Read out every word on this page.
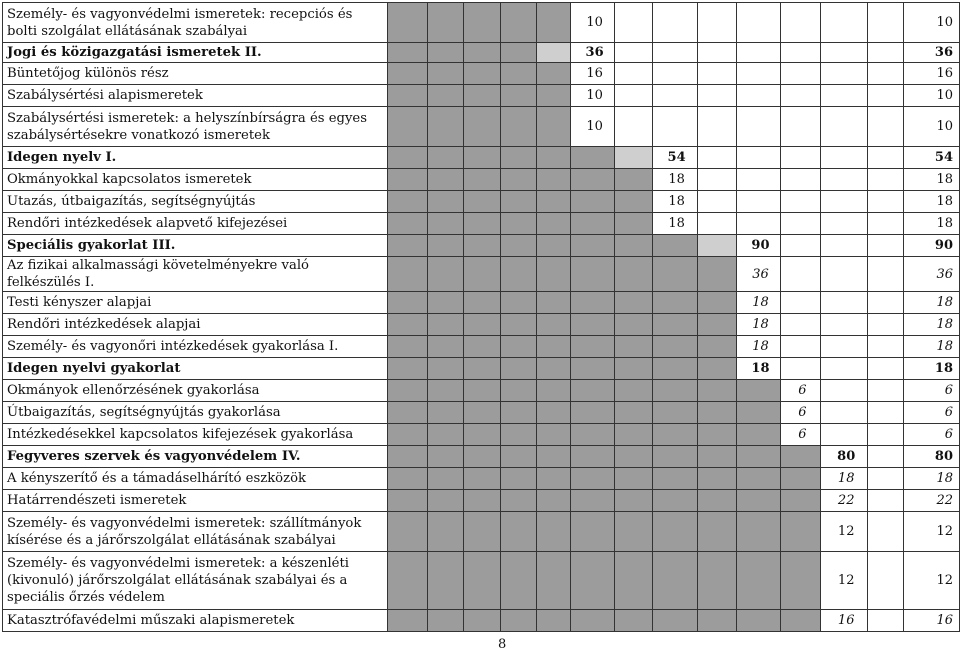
Személy- és vagyonvédelmi ismeretek: recepciós és bolti szolgálat ellátásának szabályai						10								10
Jogi és közigazgatási ismeretek II.						36								36
Büntetőjog különös rész						16								16
Szabálysértési alapismeretek						10								10
Szabálysértési ismeretek: a helyszínbírságra és egyes szabálysértésekre vonatkozó ismeretek						10								10
Idegen nyelv I.								54						54
Okmányokkal kapcsolatos ismeretek								18						18
Utazás, útbaigazítás, segítségnyújtás								18						18
Rendőri intézkedések alapvető kifejezései								18						18
Speciális gyakorlat III.										90				90
Az fizikai alkalmassági követelményekre való felkészülés I.										36				36
Testi kényszer alapjai										18				18
Rendőri intézkedések alapjai										18				18
Személy- és vagyonőri intézkedések gyakorlása I.										18				18
Idegen nyelvi gyakorlat										18				18
Okmányok ellenőrzésének gyakorlása											6			6
Útbaigazítás, segítségnyújtás gyakorlása											6			6
Intézkedésekkel kapcsolatos kifejezések gyakorlása											6			6
Fegyveres szervek és vagyonvédelem IV.												80		80
A kényszerítő és a támadáselhárító eszközök												18		18
Határrendészeti ismeretek												22		22
Személy- és vagyonvédelmi ismeretek: szállítmányok kísérése és a járőrszolgálat ellátásának szabályai												12		12
Személy- és vagyonvédelmi ismeretek: a készenléti (kivonuló) járőrszolgálat ellátásának szabályai és a speciális őrzés védelem												12		12
Katasztrófavédelmi műszaki alapismeretek												16		16
8
